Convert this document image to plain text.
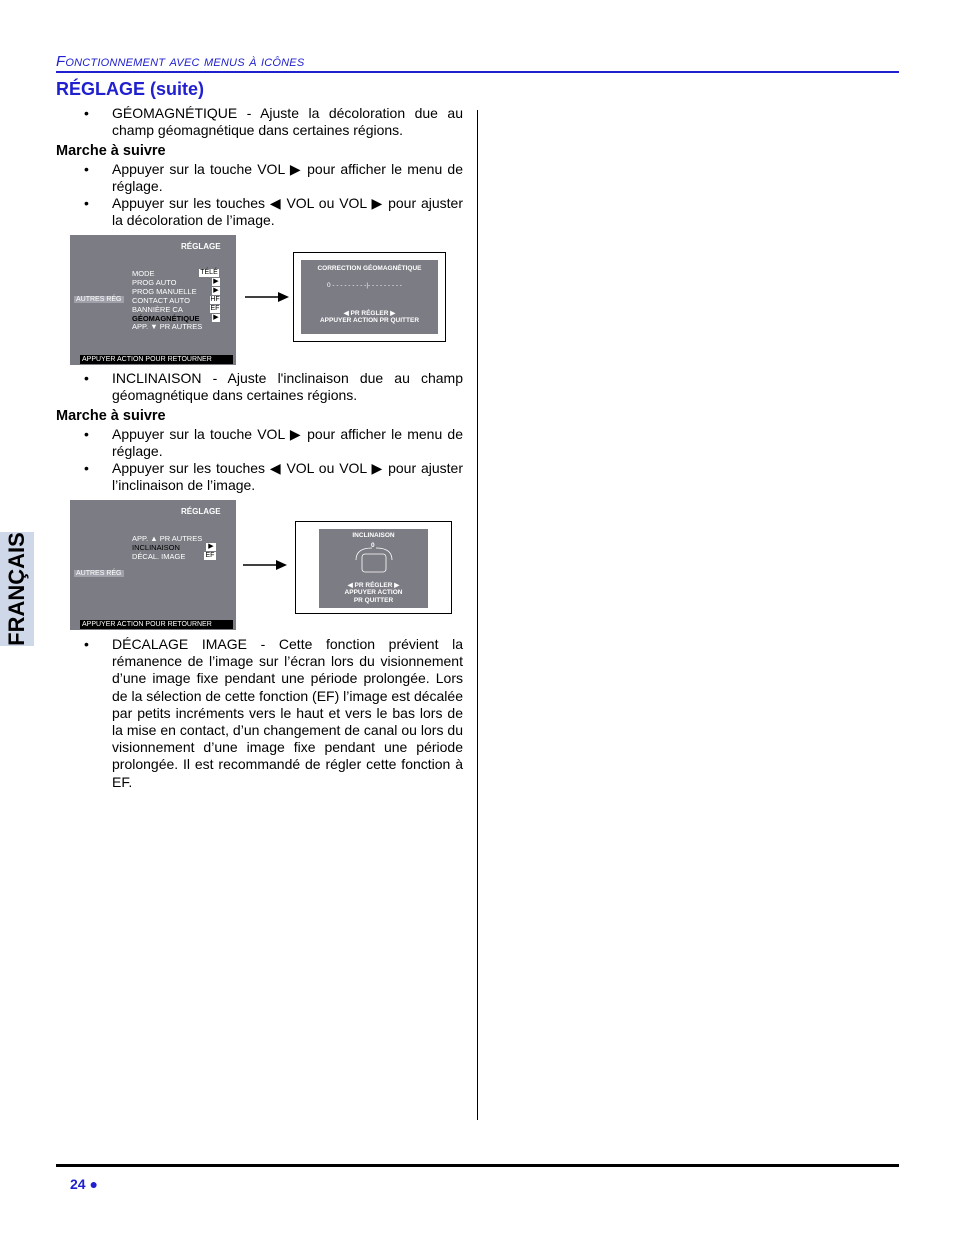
Fonctionnement avec menus à icônes
RÉGLAGE (suite)
• GÉOMAGNÉTIQUE - Ajuste la décoloration due au champ géomagnétique dans certaines régions.
Marche à suivre
• Appuyer sur la touche VOL ▶ pour afficher le menu de réglage.
• Appuyer sur les touches ◀ VOL ou VOL ▶ pour ajuster la décoloration de l’image.
RÉGLAGE
AUTRES RÉG
MODE
PROG AUTO
PROG MANUELLE
CONTACT AUTO
BANNIÈRE CA
GÉOMAGNÉTIQUE
APP. ▼ PR AUTRES
TÉLÉ
▶
▶
HF
EF
▶
APPUYER ACTION POUR RETOURNER
CORRECTION GÉOMAGNÉTIQUE
0 - - - - - - - - -|- - - - - - - - -
◀ PR RÉGLER ▶
APPUYER ACTION PR QUITTER
• INCLINAISON - Ajuste l'inclinaison due au champ géomagnétique dans certaines régions.
Marche à suivre
• Appuyer sur la touche VOL ▶ pour afficher le menu de réglage.
• Appuyer sur les touches ◀ VOL ou VOL ▶ pour ajuster l’inclinaison de l’image.
RÉGLAGE
APP. ▲ PR AUTRES
INCLINAISON
DÉCAL. IMAGE
▶
EF
AUTRES RÉG
APPUYER ACTION POUR RETOURNER
INCLINAISON
0
◀ PR RÉGLER ▶
APPUYER ACTION
PR QUITTER
• DÉCALAGE IMAGE - Cette fonction prévient la rémanence de l’image sur l’écran lors du visionnement d’une image fixe pendant une période prolongée. Lors de la sélection de cette fonction (EF) l’image est décalée par petits incréments vers le haut et vers le bas lors de la mise en contact, d’un changement de canal ou lors du visionnement d’une image fixe pendant une période prolongée. Il est recommandé de régler cette fonction à EF.
FRANÇAIS
24 ●
